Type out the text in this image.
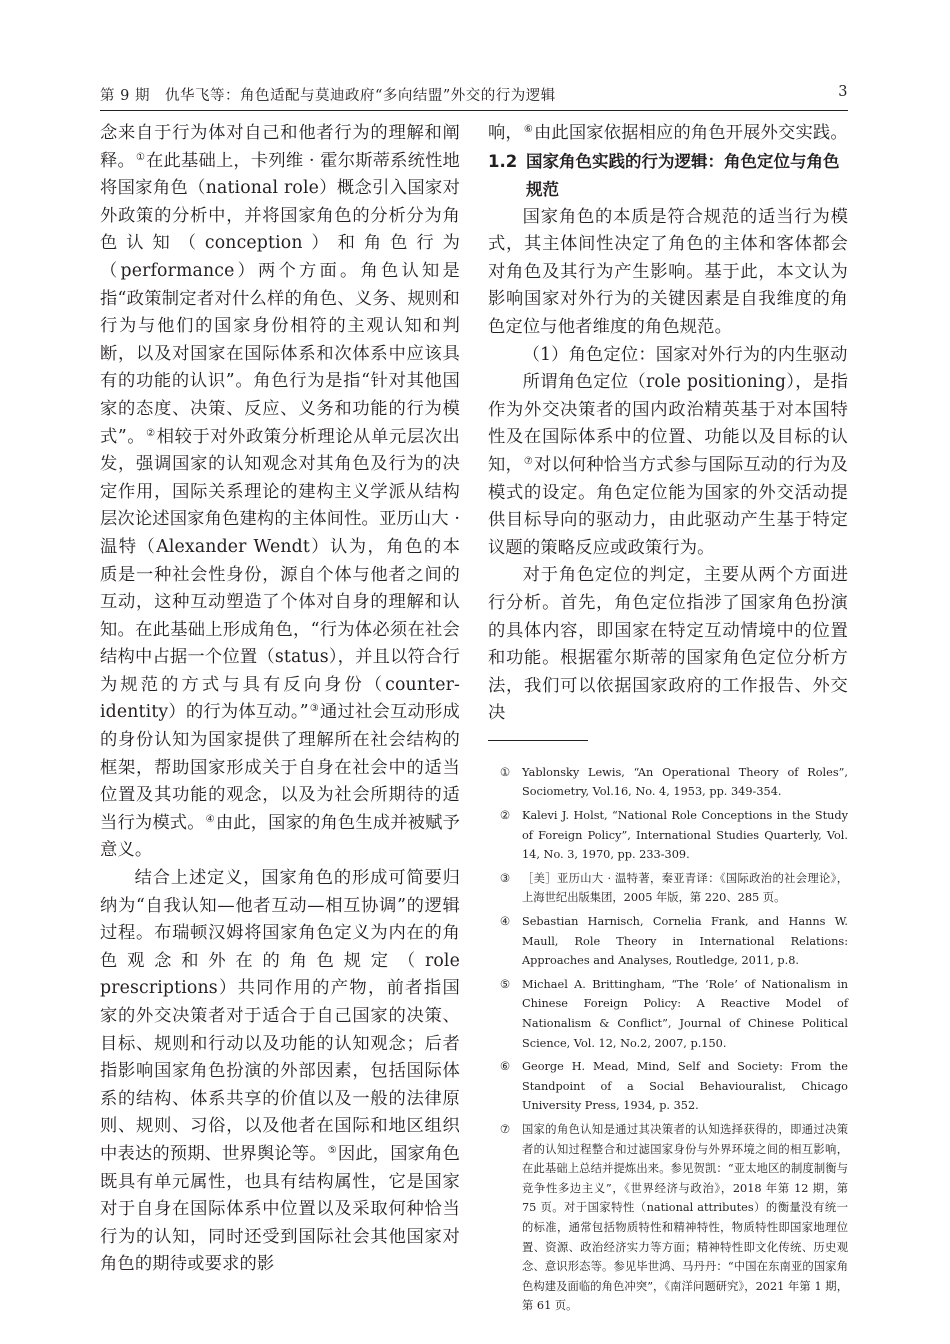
第 9 期　仇华飞等：角色适配与莫迪政府“多向结盟”外交的行为逻辑	3

念来自于行为体对自己和他者行为的理解和阐释。①在此基础上，卡列维 · 霍尔斯蒂系统性地将国家角色（national role）概念引入国家对外政策的分析中，并将国家角色的分析分为角色认知（conception）和角色行为（performance）两个方面。角色认知是指“政策制定者对什么样的角色、义务、规则和行为与他们的国家身份相符的主观认知和判断，以及对国家在国际体系和次体系中应该具有的功能的认识”。角色行为是指“针对其他国家的态度、决策、反应、义务和功能的行为模式”。②相较于对外政策分析理论从单元层次出发，强调国家的认知观念对其角色及行为的决定作用，国际关系理论的建构主义学派从结构层次论述国家角色建构的主体间性。亚历山大 · 温特（Alexander Wendt）认为，角色的本质是一种社会性身份，源自个体与他者之间的互动，这种互动塑造了个体对自身的理解和认知。在此基础上形成角色，“行为体必须在社会结构中占据一个位置（status），并且以符合行为规范的方式与具有反向身份（counter-identity）的行为体互动。”③通过社会互动形成的身份认知为国家提供了理解所在社会结构的框架，帮助国家形成关于自身在社会中的适当位置及其功能的观念，以及为社会所期待的适当行为模式。④由此，国家的角色生成并被赋予意义。

结合上述定义，国家角色的形成可简要归纳为“自我认知—他者互动—相互协调”的逻辑过程。布瑞顿汉姆将国家角色定义为内在的角色观念和外在的角色规定（role prescriptions）共同作用的产物，前者指国家的外交决策者对于适合于自己国家的决策、目标、规则和行动以及功能的认知观念；后者指影响国家角色扮演的外部因素，包括国际体系的结构、体系共享的价值以及一般的法律原则、规则、习俗，以及他者在国际和地区组织中表达的预期、世界舆论等。⑤因此，国家角色既具有单元属性，也具有结构属性，它是国家对于自身在国际体系中位置以及采取何种恰当行为的认知，同时还受到国际社会其他国家对角色的期待或要求的影

响，⑥由此国家依据相应的角色开展外交实践。

1.2 国家角色实践的行为逻辑：角色定位与角色规范

国家角色的本质是符合规范的适当行为模式，其主体间性决定了角色的主体和客体都会对角色及其行为产生影响。基于此，本文认为影响国家对外行为的关键因素是自我维度的角色定位与他者维度的角色规范。

（1）角色定位：国家对外行为的内生驱动

所谓角色定位（role positioning），是指作为外交决策者的国内政治精英基于对本国特性及在国际体系中的位置、功能以及目标的认知，⑦对以何种恰当方式参与国际互动的行为及模式的设定。角色定位能为国家的外交活动提供目标导向的驱动力，由此驱动产生基于特定议题的策略反应或政策行为。

对于角色定位的判定，主要从两个方面进行分析。首先，角色定位指涉了国家角色扮演的具体内容，即国家在特定互动情境中的位置和功能。根据霍尔斯蒂的国家角色定位分析方法，我们可以依据国家政府的工作报告、外交决

①	Yablonsky Lewis, “An Operational Theory of Roles”, Sociometry, Vol.16, No. 4, 1953, pp. 349-354.
②	Kalevi J. Holst, “National Role Conceptions in the Study of Foreign Policy”, International Studies Quarterly, Vol. 14, No. 3, 1970, pp. 233-309.
③	［美］亚历山大 · 温特著，秦亚青译：《国际政治的社会理论》，上海世纪出版集团，2005 年版，第 220、285 页。
④	Sebastian Harnisch, Cornelia Frank, and Hanns W. Maull, Role Theory in International Relations: Approaches and Analyses, Routledge, 2011, p.8.
⑤	Michael A. Brittingham, “The ‘Role’ of Nationalism in Chinese Foreign Policy: A Reactive Model of Nationalism & Conflict”, Journal of Chinese Political Science, Vol. 12, No.2, 2007, p.150.
⑥	George H. Mead, Mind, Self and Society: From the Standpoint of a Social Behaviouralist, Chicago University Press, 1934, p. 352.
⑦	国家的角色认知是通过其决策者的认知选择获得的，即通过决策者的认知过程整合和过滤国家身份与外界环境之间的相互影响，在此基础上总结并提炼出来。参见贺凯：“亚太地区的制度制衡与竞争性多边主义”，《世界经济与政治》，2018 年第 12 期，第 75 页。对于国家特性（national attributes）的衡量没有统一的标准，通常包括物质特性和精神特性，物质特性即国家地理位置、资源、政治经济实力等方面；精神特性即文化传统、历史观念、意识形态等。参见毕世鸿、马丹丹：“中国在东南亚的国家角色构建及面临的角色冲突”，《南洋问题研究》，2021 年第 1 期，第 61 页。
